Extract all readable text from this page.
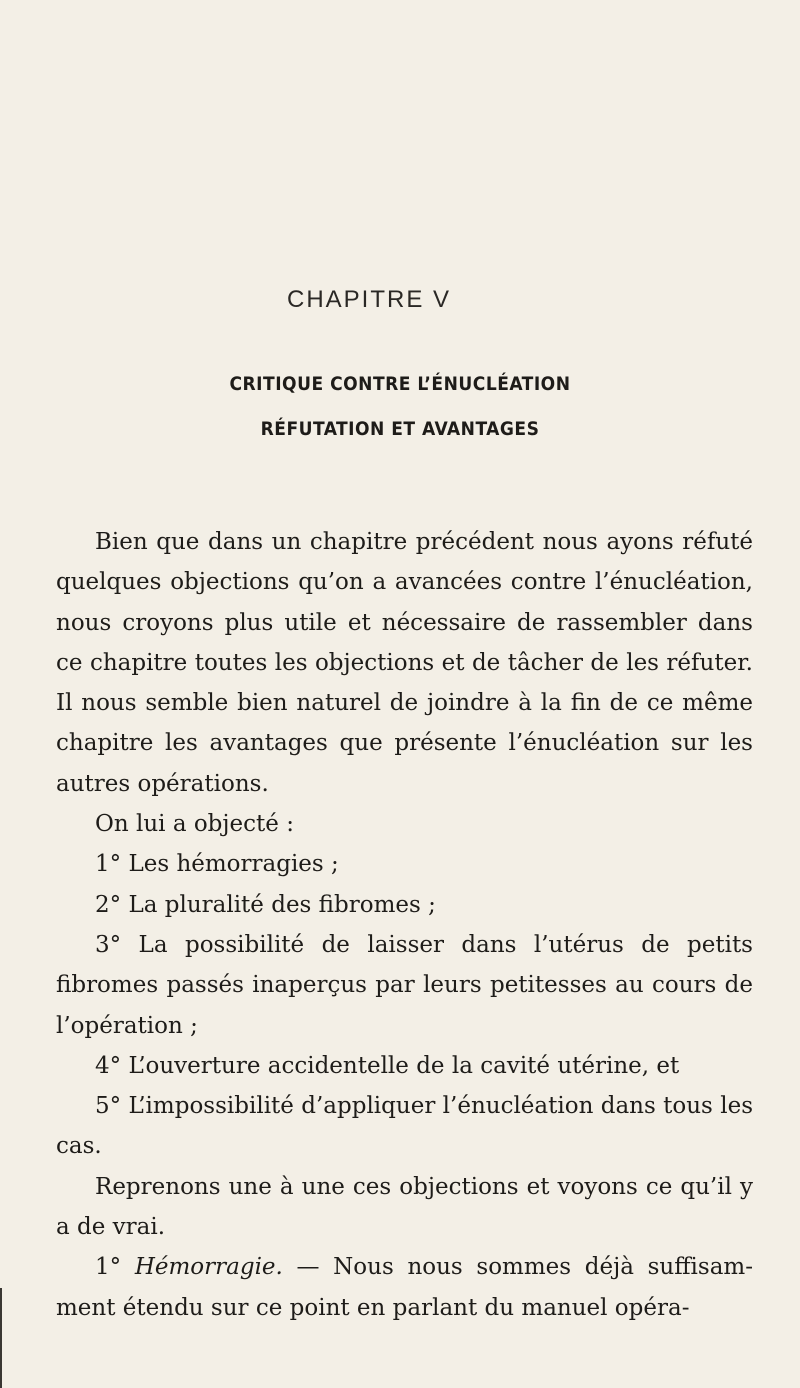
CHAPITRE V
CRITIQUE CONTRE L’ÉNUCLÉATION
RÉFUTATION ET AVANTAGES

Bien que dans un chapitre précédent nous ayons réfuté quelques objections qu’on a avancées contre l’énucléation, nous croyons plus utile et nécessaire de rassembler dans ce chapitre toutes les objections et de tâcher de les réfuter. Il nous semble bien naturel de joindre à la fin de ce même chapitre les avantages que présente l’énucléation sur les autres opérations.

On lui a objecté :

1° Les hémorragies ;

2° La pluralité des fibromes ;

3° La possibilité de laisser dans l’utérus de petits fibromes passés inaperçus par leurs petitesses au cours de l’opération ;

4° L’ouverture accidentelle de la cavité utérine, et

5° L’impossibilité d’appliquer l’énucléation dans tous les cas.

Reprenons une à une ces objections et voyons ce qu’il y a de vrai.

1° Hémorragie. — Nous nous sommes déjà suffisamment étendu sur ce point en parlant du manuel opéra-
